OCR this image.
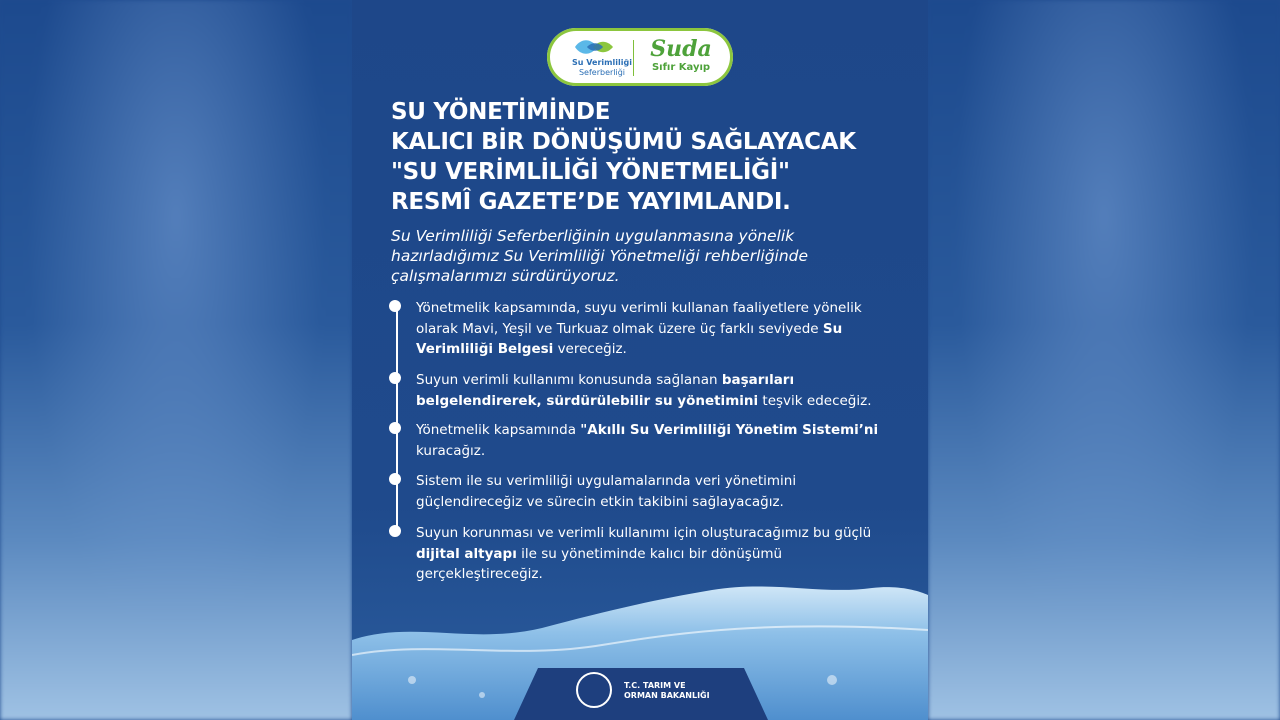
Su Verimliliği
Seferberliği
Suda
Sıfır Kayıp
SU YÖNETİMİNDE
KALICI BİR DÖNÜŞÜMÜ SAĞLAYACAK
"SU VERİMLİLİĞİ YÖNETMELİĞİ"
RESMÎ GAZETE’DE YAYIMLANDI.
Su Verimliliği Seferberliğinin uygulanmasına yönelik
hazırladığımız Su Verimliliği Yönetmeliği rehberliğinde
çalışmalarımızı sürdürüyoruz.
Yönetmelik kapsamında, suyu verimli kullanan faaliyetlere yönelik olarak Mavi, Yeşil ve Turkuaz olmak üzere üç farklı seviyede Su Verimliliği Belgesi vereceğiz.
Suyun verimli kullanımı konusunda sağlanan başarıları belgelendirerek, sürdürülebilir su yönetimini teşvik edeceğiz.
Yönetmelik kapsamında "Akıllı Su Verimliliği Yönetim Sistemi’ni kuracağız.
Sistem ile su verimliliği uygulamalarında veri yönetimini güçlendireceğiz ve sürecin etkin takibini sağlayacağız.
Suyun korunması ve verimli kullanımı için oluşturacağımız bu güçlü dijital altyapı ile su yönetiminde kalıcı bir dönüşümü gerçekleştireceğiz.
T.C. TARIM VE
ORMAN BAKANLIĞI
